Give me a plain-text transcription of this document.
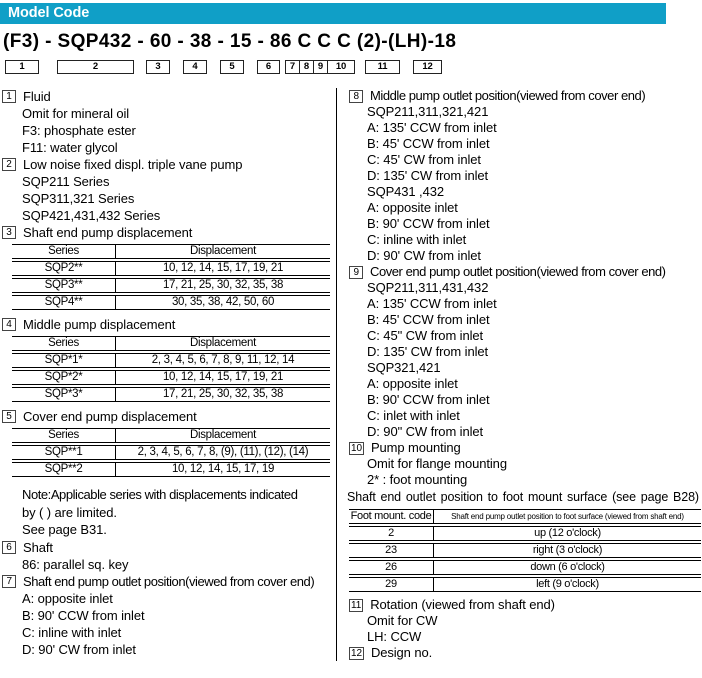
Model Code
(F3) - SQP432 - 60 - 38 - 15 - 86 C C C (2)-(LH)-18
1	2	3	4	5	6	7 8 9	10	11	12
1 Fluid
Omit for mineral oil
F3: phosphate ester
F11: water glycol
2 Low noise fixed displ. triple vane pump
SQP211 Series
SQP311,321 Series
SQP421,431,432 Series
3 Shaft end pump displacement
Series	Displacement
SQP2**	10, 12, 14, 15, 17, 19, 21
SQP3**	17, 21, 25, 30, 32, 35, 38
SQP4**	30, 35, 38, 42, 50, 60
4 Middle pump displacement
Series	Displacement
SQP*1*	2, 3, 4, 5, 6, 7, 8, 9, 11, 12, 14
SQP*2*	10, 12, 14, 15, 17, 19, 21
SQP*3*	17, 21, 25, 30, 32, 35, 38
5 Cover end pump displacement
Series	Displacement
SQP**1	2, 3, 4, 5, 6, 7, 8, (9), (11), (12), (14)
SQP**2	10, 12, 14, 15, 17, 19
Note:Applicable series with displacements indicated
by ( ) are limited.
See page B31.
6 Shaft
86: parallel sq. key
7 Shaft end pump outlet position(viewed from cover end)
A: opposite inlet
B: 90' CCW from inlet
C: inline with inlet
D: 90' CW from inlet
8 Middle pump outlet position(viewed from cover end)
SQP211,311,321,421
A: 135' CCW from inlet
B: 45' CCW from inlet
C: 45' CW from inlet
D: 135' CW from inlet
SQP431 ,432
A: opposite inlet
B: 90' CCW from inlet
C: inline with inlet
D: 90' CW from inlet
9 Cover end pump outlet position(viewed from cover end)
SQP211,311,431,432
A: 135' CCW from inlet
B: 45' CCW from inlet
C: 45" CW from inlet
D: 135' CW from inlet
SQP321,421
A: opposite inlet
B: 90' CCW from inlet
C: inlet with inlet
D: 90" CW from inlet
10 Pump mounting
Omit for flange mounting
2* : foot mounting
Shaft end outlet position to foot mount surface (see page B28)
Foot mount. code	Shaft end pump outlet position to foot surface (viewed from shaft end)
2	up (12 o'clock)
23	right (3 o'clock)
26	down (6 o'clock)
29	left (9 o'clock)
11 Rotation (viewed from shaft end)
Omit for CW
LH: CCW
12 Design no.
